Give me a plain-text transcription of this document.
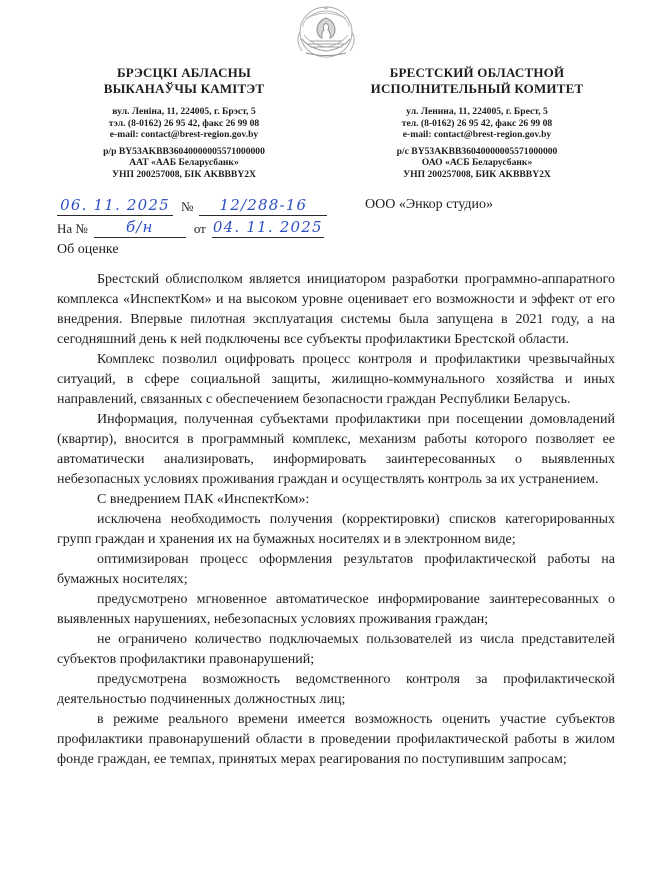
БРЭСЦКІ АБЛАСНЫ
ВЫКАНАЎЧЫ КАМІТЭТ
вул. Леніна, 11, 224005, г. Брэст, 5
тэл. (8-0162) 26 95 42, факс 26 99 08
e-mail: contact@brest-region.gov.by
р/р BY53AKBB36040000005571000000
ААТ «ААБ Беларусбанк»
УНП 200257008, БІК AKBBBY2X
БРЕСТСКИЙ ОБЛАСТНОЙ
ИСПОЛНИТЕЛЬНЫЙ КОМИТЕТ
ул. Ленина, 11, 224005, г. Брест, 5
тел. (8-0162) 26 95 42, факс 26 99 08
e-mail: contact@brest-region.gov.by
р/с BY53AKBB36040000005571000000
ОАО «АСБ Беларусбанк»
УНП 200257008, БИК AKBBBY2X
06. 11. 2025 №	12/288-16
На №	б/н	от 04. 11. 2025
Об оценке
ООО «Энкор студио»

Брестский облисполком является инициатором разработки программно-аппаратного комплекса «ИнспектКом» и на высоком уровне оценивает его возможности и эффект от его внедрения. Впервые пилотная эксплуатация системы была запущена в 2021 году, а на сегодняшний день к ней подключены все субъекты профилактики Брестской области.

Комплекс позволил оцифровать процесс контроля и профилактики чрезвычайных ситуаций, в сфере социальной защиты, жилищно-коммунального хозяйства и иных направлений, связанных с обеспечением безопасности граждан Республики Беларусь.

Информация, полученная субъектами профилактики при посещении домовладений (квартир), вносится в программный комплекс, механизм работы которого позволяет ее автоматически анализировать, информировать заинтересованных о выявленных небезопасных условиях проживания граждан и осуществлять контроль за их устранением.

С внедрением ПАК «ИнспектКом»:

исключена необходимость получения (корректировки) списков категорированных групп граждан и хранения их на бумажных носителях и в электронном виде;

оптимизирован процесс оформления результатов профилактической работы на бумажных носителях;

предусмотрено мгновенное автоматическое информирование заинтересованных о выявленных нарушениях, небезопасных условиях проживания граждан;

не ограничено количество подключаемых пользователей из числа представителей субъектов профилактики правонарушений;

предусмотрена возможность ведомственного контроля за профилактической деятельностью подчиненных должностных лиц;

в режиме реального времени имеется возможность оценить участие субъектов профилактики правонарушений области в проведении профилактической работы в жилом фонде граждан, ее темпах, принятых мерах реагирования по поступившим запросам;
